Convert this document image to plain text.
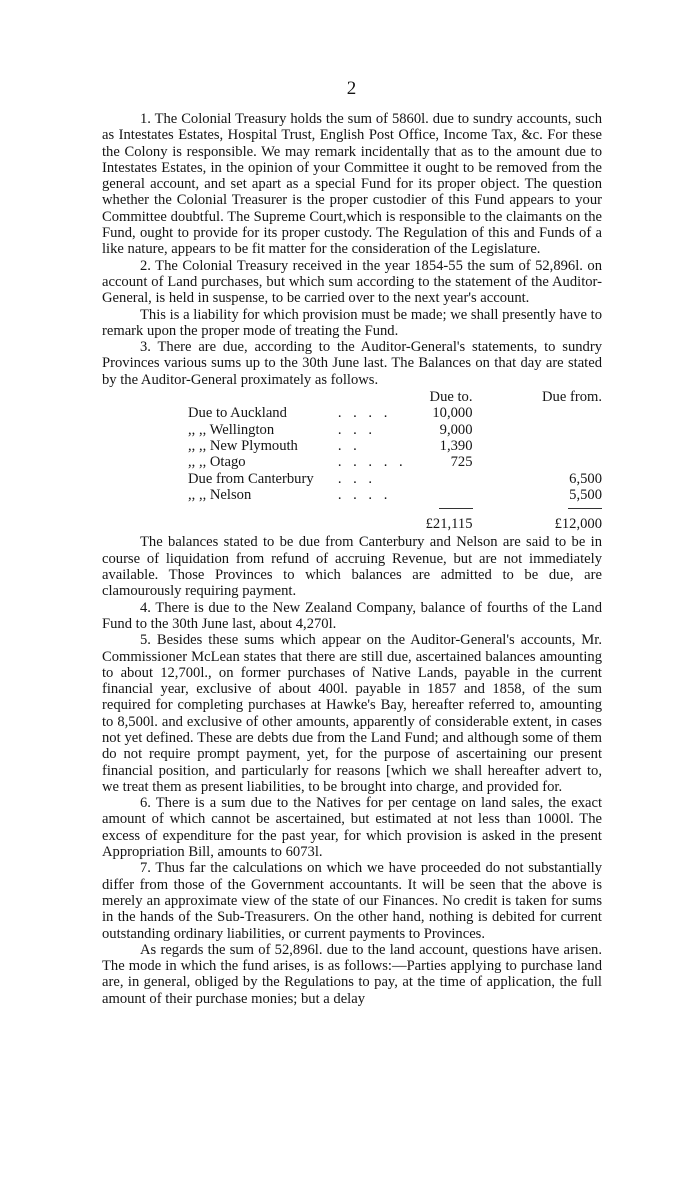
2

1. The Colonial Treasury holds the sum of 5860l. due to sundry accounts, such as Intestates Estates, Hospital Trust, English Post Office, Income Tax, &c. For these the Colony is responsible. We may remark incidentally that as to the amount due to Intestates Estates, in the opinion of your Committee it ought to be removed from the general account, and set apart as a special Fund for its proper object. The question whether the Colonial Treasurer is the proper custodier of this Fund appears to your Committee doubtful. The Supreme Court,which is responsible to the claimants on the Fund, ought to provide for its proper custody. The Regulation of this and Funds of a like nature, appears to be fit matter for the consideration of the Legislature.

2. The Colonial Treasury received in the year 1854-55 the sum of 52,896l. on account of Land purchases, but which sum according to the statement of the Auditor-General, is held in suspense, to be carried over to the next year's account.

This is a liability for which provision must be made; we shall presently have to remark upon the proper mode of treating the Fund.

3. There are due, according to the Auditor-General's statements, to sundry Provinces various sums up to the 30th June last. The Balances on that day are stated by the Auditor-General proximately as follows.

		Due to.	Due from.
Due to Auckland	. . . .	10,000	
,, ,, Wellington	. . .	9,000	
,, ,, New Plymouth	. .	1,390	
,, ,, Otago	. . . . .	725	
Due from Canterbury	. . .		6,500
,, ,, Nelson	. . . .		5,500

		£21,115	£12,000

The balances stated to be due from Canterbury and Nelson are said to be in course of liquidation from refund of accruing Revenue, but are not immediately available. Those Provinces to which balances are admitted to be due, are clamourously requiring payment.

4. There is due to the New Zealand Company, balance of fourths of the Land Fund to the 30th June last, about 4,270l.

5. Besides these sums which appear on the Auditor-General's accounts, Mr. Commissioner McLean states that there are still due, ascertained balances amounting to about 12,700l., on former purchases of Native Lands, payable in the current financial year, exclusive of about 400l. payable in 1857 and 1858, of the sum required for completing purchases at Hawke's Bay, hereafter referred to, amounting to 8,500l. and exclusive of other amounts, apparently of considerable extent, in cases not yet defined. These are debts due from the Land Fund; and although some of them do not require prompt payment, yet, for the purpose of ascertaining our present financial position, and particularly for reasons [which we shall hereafter advert to, we treat them as present liabilities, to be brought into charge, and provided for.

6. There is a sum due to the Natives for per centage on land sales, the exact amount of which cannot be ascertained, but estimated at not less than 1000l. The excess of expenditure for the past year, for which provision is asked in the present Appropriation Bill, amounts to 6073l.

7. Thus far the calculations on which we have proceeded do not substantially differ from those of the Government accountants. It will be seen that the above is merely an approximate view of the state of our Finances. No credit is taken for sums in the hands of the Sub-Treasurers. On the other hand, nothing is debited for current outstanding ordinary liabilities, or current payments to Provinces.

As regards the sum of 52,896l. due to the land account, questions have arisen. The mode in which the fund arises, is as follows:—Parties applying to purchase land are, in general, obliged by the Regulations to pay, at the time of application, the full amount of their purchase monies; but a delay
